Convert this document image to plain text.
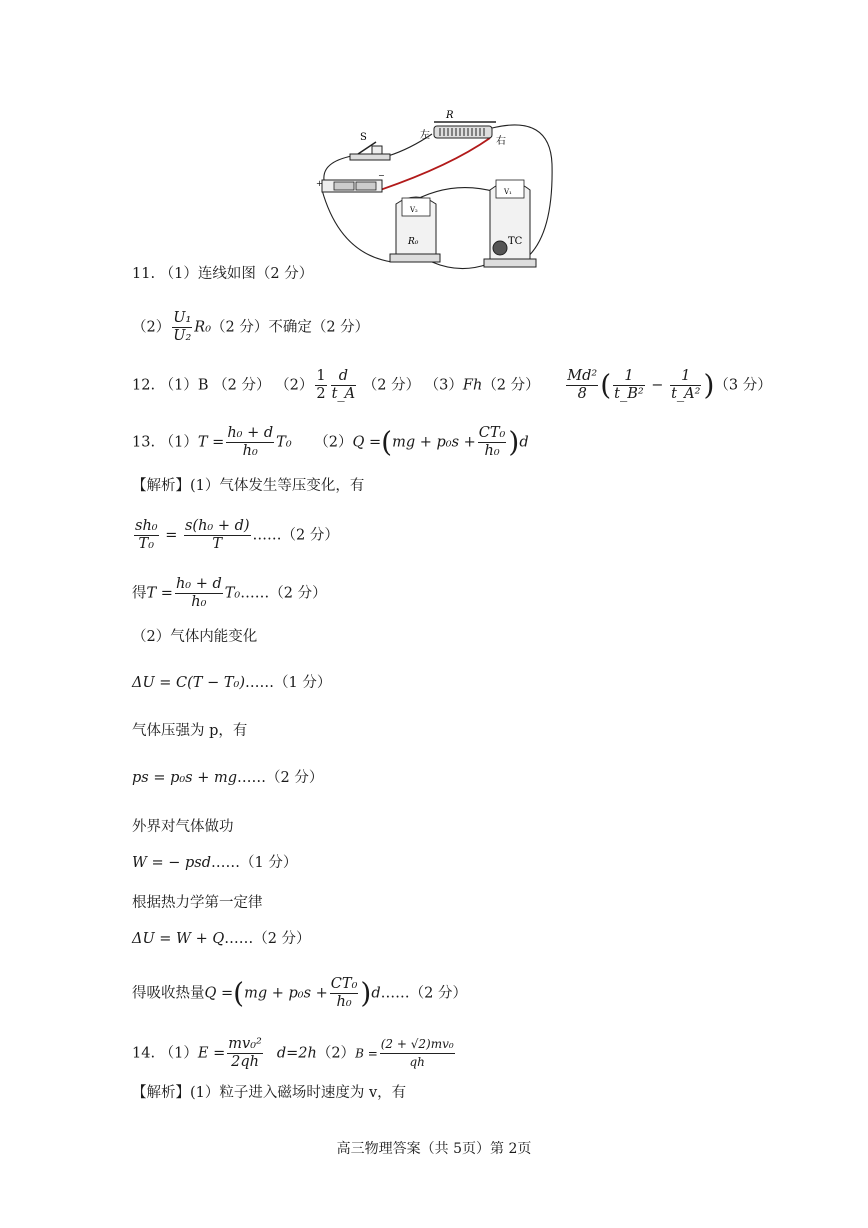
S
+
−
R
左
右
V₂
R₀
V₁
TC
11. （1）连线如图（2 分）
$(2) \frac{\text{U₁}}{\text{U₂}} R_0(2$ 分）不确定（2 分）
12. （1）B （2 分） $(2) \frac{1}{2} \frac{d}{t\_A} (2$ 分） （3）Fh（2 分） $\frac{\text{Md²}}{8}$ ( $\frac{1}{\text{t\_B²}} - \frac{1}{\text{t\_A²}} )(3$ 分）
13. $(1)T = \frac{\text{h₀ + d}}{\text{h₀}} T_0$ $(2)Q =(mg + p_0s + \frac{\text{CT₀}}{\text{h₀}} )d$
【解析】(1）气体发生等压变化，有
$\frac{\text{sh₀}}{\text{T₀}} = \frac{\text{s(h₀ + d)}}{T}$ ……（2 分）
得$T = \frac{\text{h₀ + d}}{\text{h₀}}$ T₀……（2 分）
（2）气体内能变化
ΔU = C(T − T₀)……（1 分）
气体压强为 p，有
ps = p₀s + mg……（2 分）
外界对气体做功
W = − psd……（1 分）
根据热力学第一定律
ΔU = W + Q……（2 分）
得吸收热量$Q =(mg + p_0s + \frac{\text{CT₀}}{\text{h₀}}$ )d……（2 分）
14. $(1)E = \frac{\text{mv₀²}}{2qh} d=2h(2)B = \frac{\text{(2 + √2)mv₀}}{qh}$
【解析】(1）粒子进入磁场时速度为 v，有
高三物理答案（共 5页）第 2页
